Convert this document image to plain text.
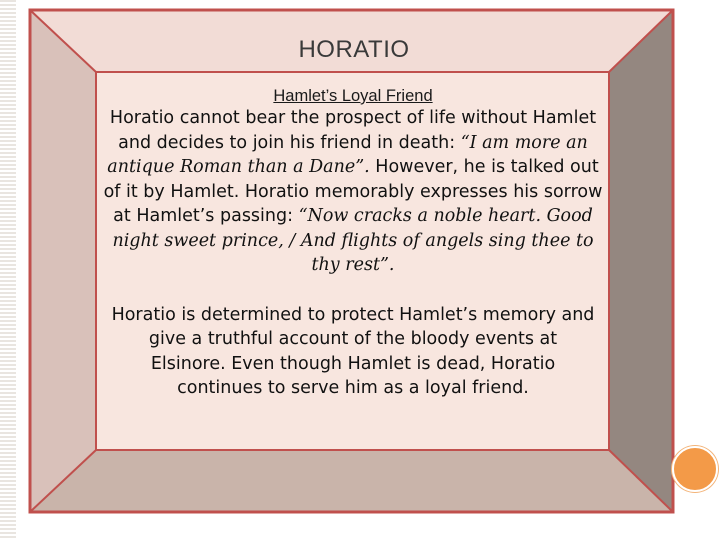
HORATIO
Hamlet’s Loyal Friend
Horatio cannot bear the prospect of life without Hamlet and decides to join his friend in death: “I am more an antique Roman than a Dane”. However, he is talked out of it by Hamlet. Horatio memorably expresses his sorrow at Hamlet’s passing: “Now cracks a noble heart. Good night sweet prince, / And flights of angels sing thee to thy rest”.
Horatio is determined to protect Hamlet’s memory and give a truthful account of the bloody events at Elsinore. Even though Hamlet is dead, Horatio continues to serve him as a loyal friend.
